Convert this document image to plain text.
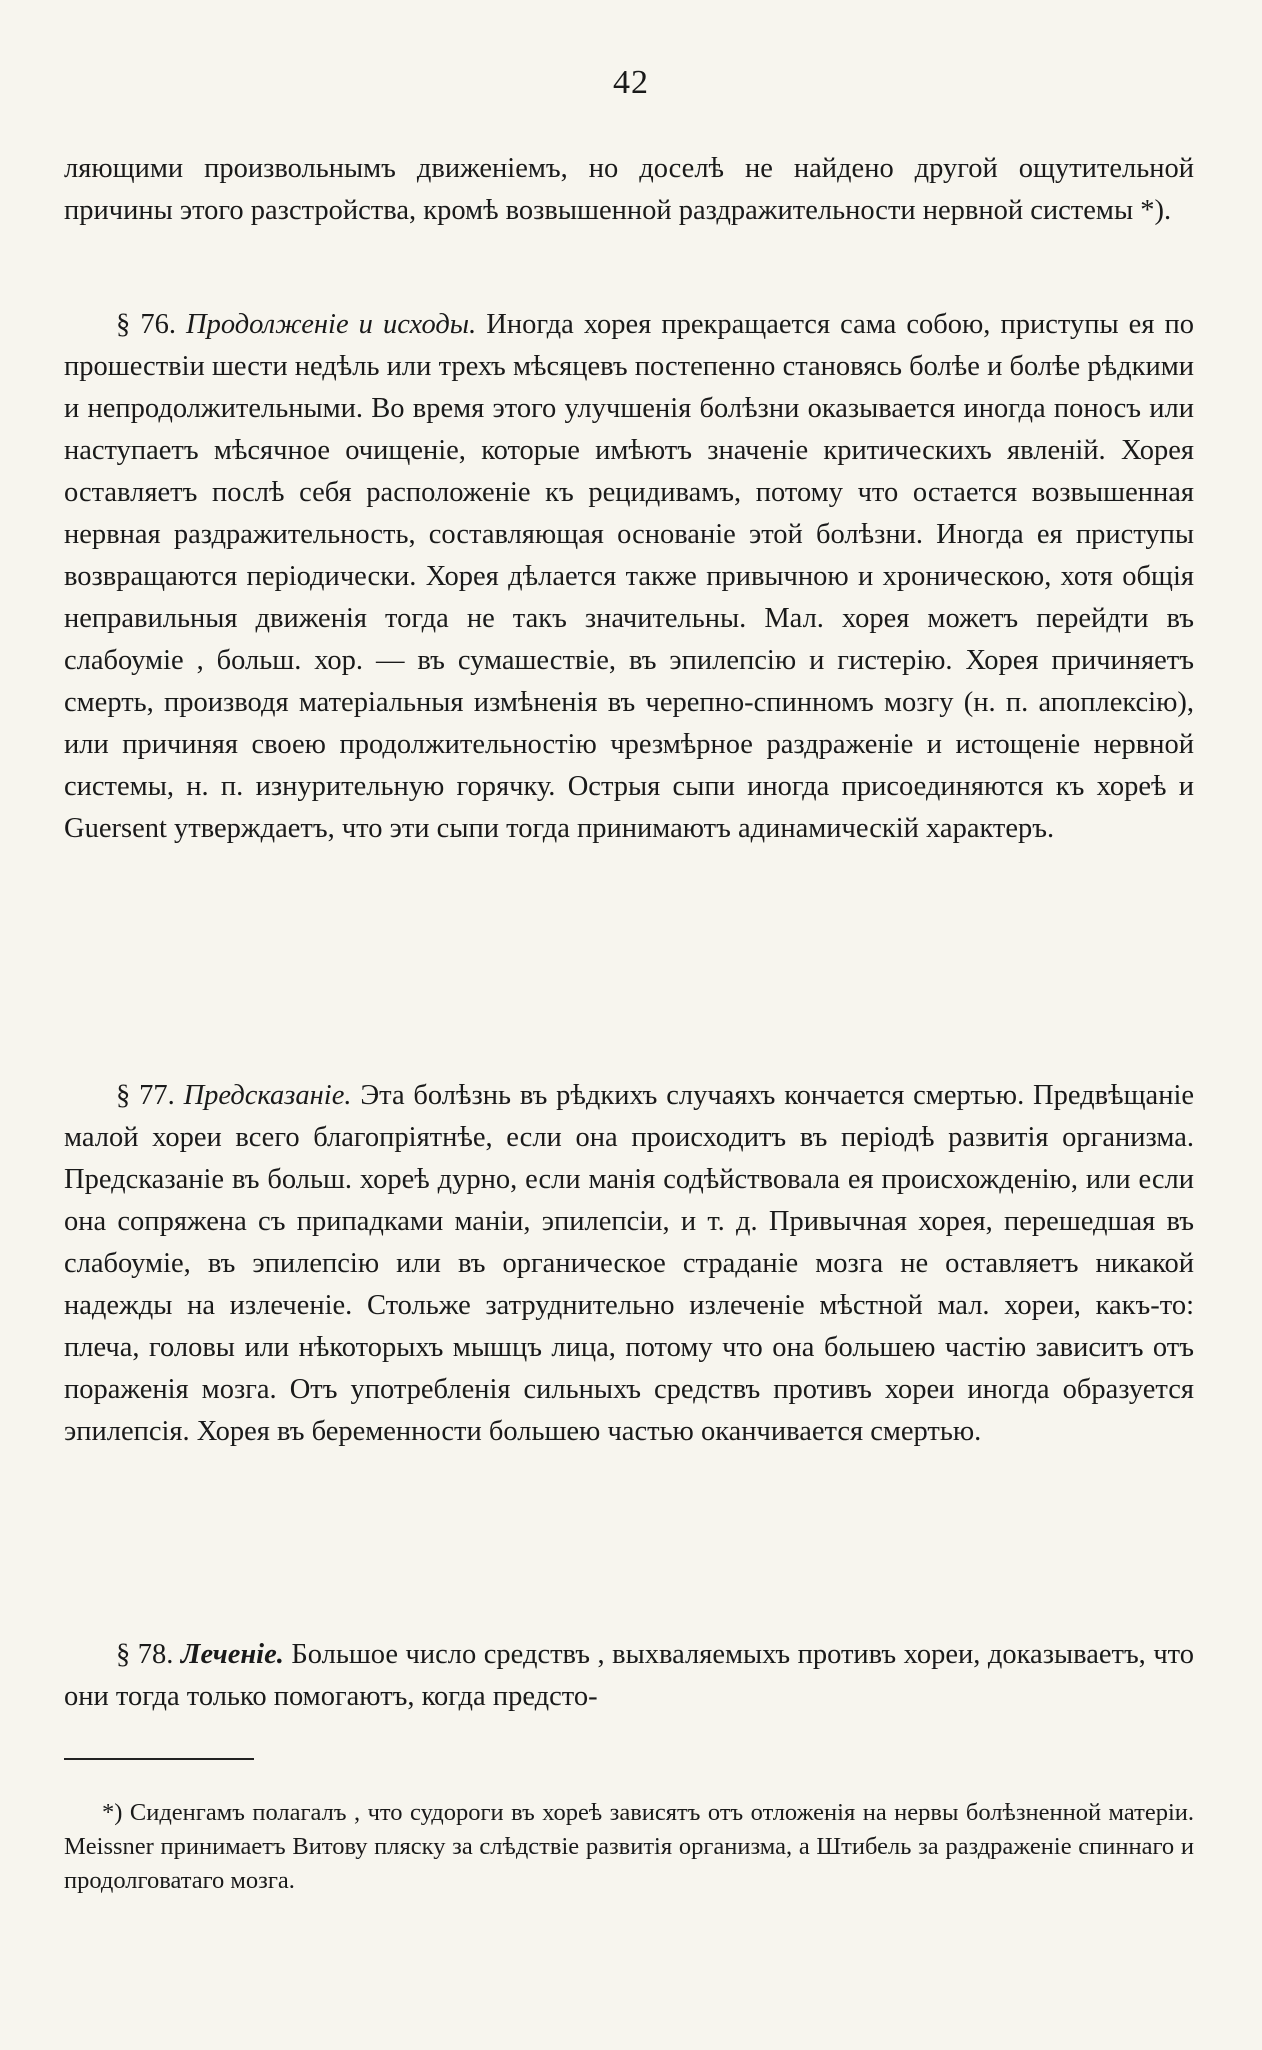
42

ляющими произвольнымъ движенiемъ, но доселѣ не найдено другой ощутительной причины этого разстройства, кромѣ возвышенной раздражительности нервной системы *).

§ 76. Продолженiе и исходы. Иногда хорея прекращается сама собою, приступы ея по прошествiи шести недѣль или трехъ мѣсяцевъ постепенно становясь болѣе и болѣе рѣдкими и непродолжительными. Во время этого улучшенiя болѣзни оказывается иногда поносъ или наступаетъ мѣсячное очищенiе, которые имѣютъ значенiе критическихъ явленiй. Хорея оставляетъ послѣ себя расположенiе къ рецидивамъ, потому что остается возвышенная нервная раздражительность, составляющая основанiе этой болѣзни. Иногда ея приступы возвращаются перiодически. Хорея дѣлается также привычною и хроническою, хотя общiя неправильныя движенiя тогда не такъ значительны. Мал. хорея можетъ перейдти въ слабоумiе , больш. хор. — въ сумашествiе, въ эпилепсiю и гистерiю. Хорея причиняетъ смерть, производя матерiальныя измѣненiя въ черепно-спинномъ мозгу (н. п. апоплексiю), или причиняя своею продолжительностiю чрезмѣрное раздраженiе и истощенiе нервной системы, н. п. изнурительную горячку. Острыя сыпи иногда присоединяются къ хореѣ и Guersent утверждаетъ, что эти сыпи тогда принимаютъ адинамическiй характеръ.

§ 77. Предсказанiе. Эта болѣзнь въ рѣдкихъ случаяхъ кончается смертью. Предвѣщанiе малой хореи всего благопрiятнѣе, если она происходитъ въ перiодѣ развитiя организма. Предсказанiе въ больш. хореѣ дурно, если манiя содѣйствовала ея происхожденiю, или если она сопряжена съ припадками манiи, эпилепсiи, и т. д. Привычная хорея, перешедшая въ слабоумiе, въ эпилепсiю или въ органическое страданiе мозга не оставляетъ никакой надежды на излеченiе. Стольже затруднительно излеченiе мѣстной мал. хореи, какъ-то: плеча, головы или нѣкоторыхъ мышцъ лица, потому что она большею частiю зависитъ отъ пораженiя мозга. Отъ употребленiя сильныхъ средствъ противъ хореи иногда образуется эпилепсiя. Хорея въ беременности большею частью оканчивается смертью.

§ 78. Леченiе. Большое число средствъ , выхваляемыхъ противъ хореи, доказываетъ, что они тогда только помогаютъ, когда предсто-

*) Сиденгамъ полагалъ , что судороги въ хореѣ зависятъ отъ отложенiя на нервы болѣзненной матерiи. Meissner принимаетъ Витову пляску за слѣдствiе развитiя организма, а Штибель за раздраженiе спиннаго и продолговатаго мозга.
